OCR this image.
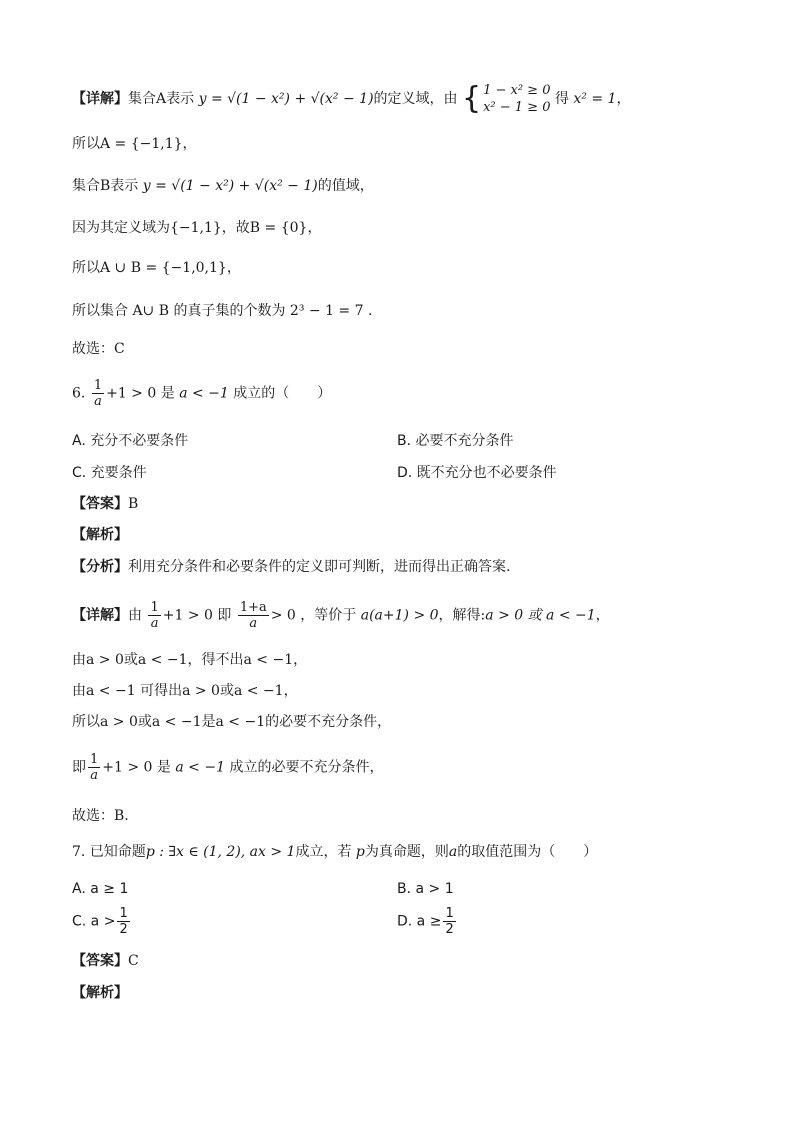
【详解】集合A表示 y = √(1 − x²) + √(x² − 1)的定义域，由 { 1 − x² ≥ 0
x² − 1 ≥ 0
得 x² = 1，
所以A = {−1,1}，
集合B表示 y = √(1 − x²) + √(x² − 1)的值域，
因为其定义域为{−1,1}，故B = {0}，
所以A ∪ B = {−1,0,1}，
所以集合 A∪ B 的真子集的个数为 2³ − 1 = 7 .
故选：C
6. $\frac{1}{a} +1 > 0$ 是 a < −1 成立的（　　）
A. 充分不必要条件	B. 必要不充分条件
C. 充要条件	D. 既不充分也不必要条件
【答案】B
【解析】
【分析】利用充分条件和必要条件的定义即可判断，进而得出正确答案.
【详解】由 $\frac{1}{a} +1 > 0$ 即 $\frac{1+a}{a} > 0$ ，等价于 a(a+1) > 0，解得:a > 0 或 a < −1，
由a > 0或a < −1，得不出a < −1，
由a < −1 可得出a > 0或a < −1，
所以a > 0或a < −1是a < −1的必要不充分条件，
即 $\frac{1}{a} +1 > 0$ 是 a < −1 成立的必要不充分条件，
故选：B.
7. 已知命题p : ∃x ∈ (1, 2), ax > 1成立，若 p为真命题，则a的取值范围为（　　）
A. a ≥ 1	B. a > 1
C. $a > \frac{1}{2}$	D. $a \ge \frac{1}{2}$
【答案】C
【解析】
